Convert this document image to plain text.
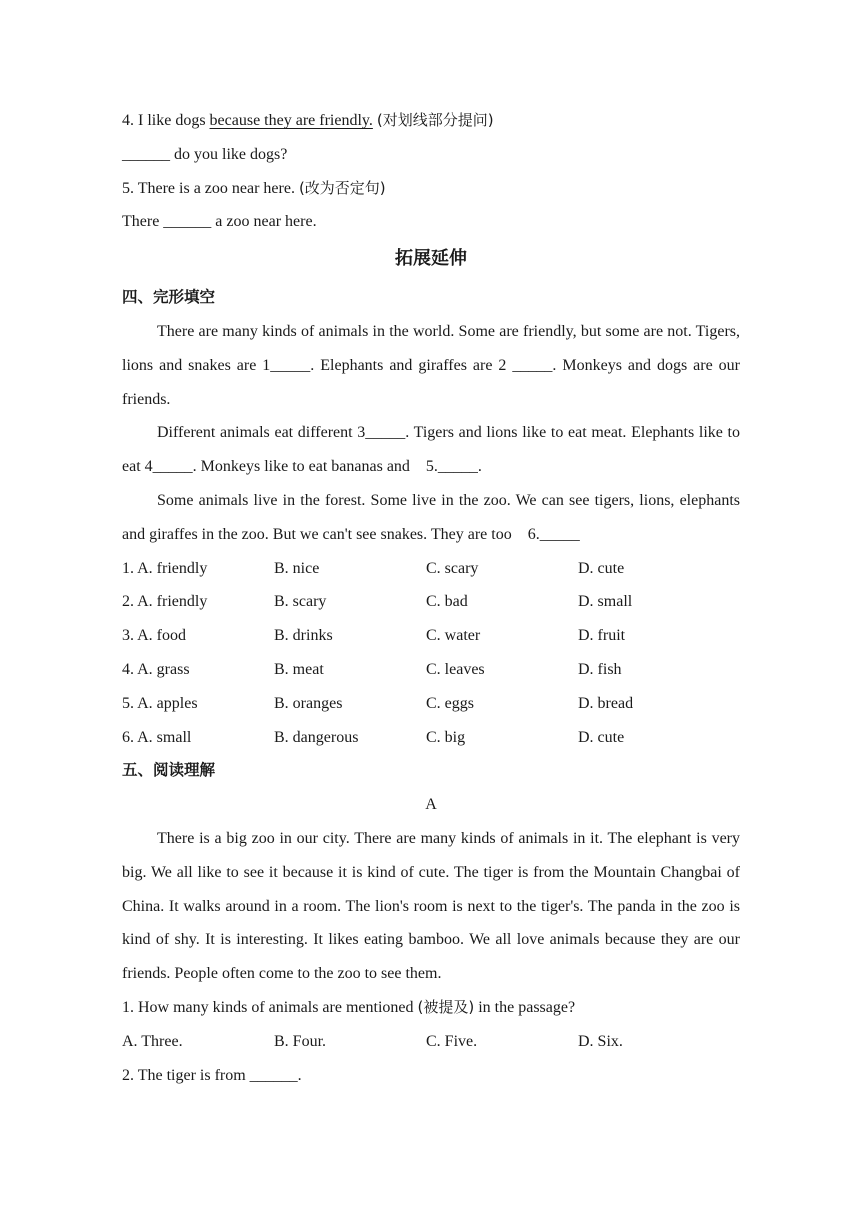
4. I like dogs because they are friendly. (对划线部分提问)
______ do you like dogs?
5. There is a zoo near here. (改为否定句)
There ______ a zoo near here.
拓展延伸
四、完形填空

There are many kinds of animals in the world. Some are friendly, but some are not. Tigers, lions and snakes are 1_____. Elephants and giraffes are 2 _____. Monkeys and dogs are our friends.

Different animals eat different 3_____. Tigers and lions like to eat meat. Elephants like to eat 4_____. Monkeys like to eat bananas and    5._____.

Some animals live in the forest. Some live in the zoo. We can see tigers, lions, elephants and giraffes in the zoo. But we can't see snakes. They are too    6._____

1. A. friendly	B. nice	C. scary	D. cute
2. A. friendly	B. scary	C. bad	D. small
3. A. food	B. drinks	C. water	D. fruit
4. A. grass	B. meat	C. leaves	D. fish
5. A. apples	B. oranges	C. eggs	D. bread
6. A. small	B. dangerous	C. big	D. cute
五、阅读理解
A

There is a big zoo in our city. There are many kinds of animals in it. The elephant is very big. We all like to see it because it is kind of cute. The tiger is from the Mountain Changbai of China. It walks around in a room. The lion's room is next to the tiger's. The panda in the zoo is kind of shy. It is interesting. It likes eating bamboo. We all love animals because they are our friends. People often come to the zoo to see them.

1. How many kinds of animals are mentioned (被提及) in the passage?
A. Three.	B. Four.	C. Five.	D. Six.
2. The tiger is from ______.
